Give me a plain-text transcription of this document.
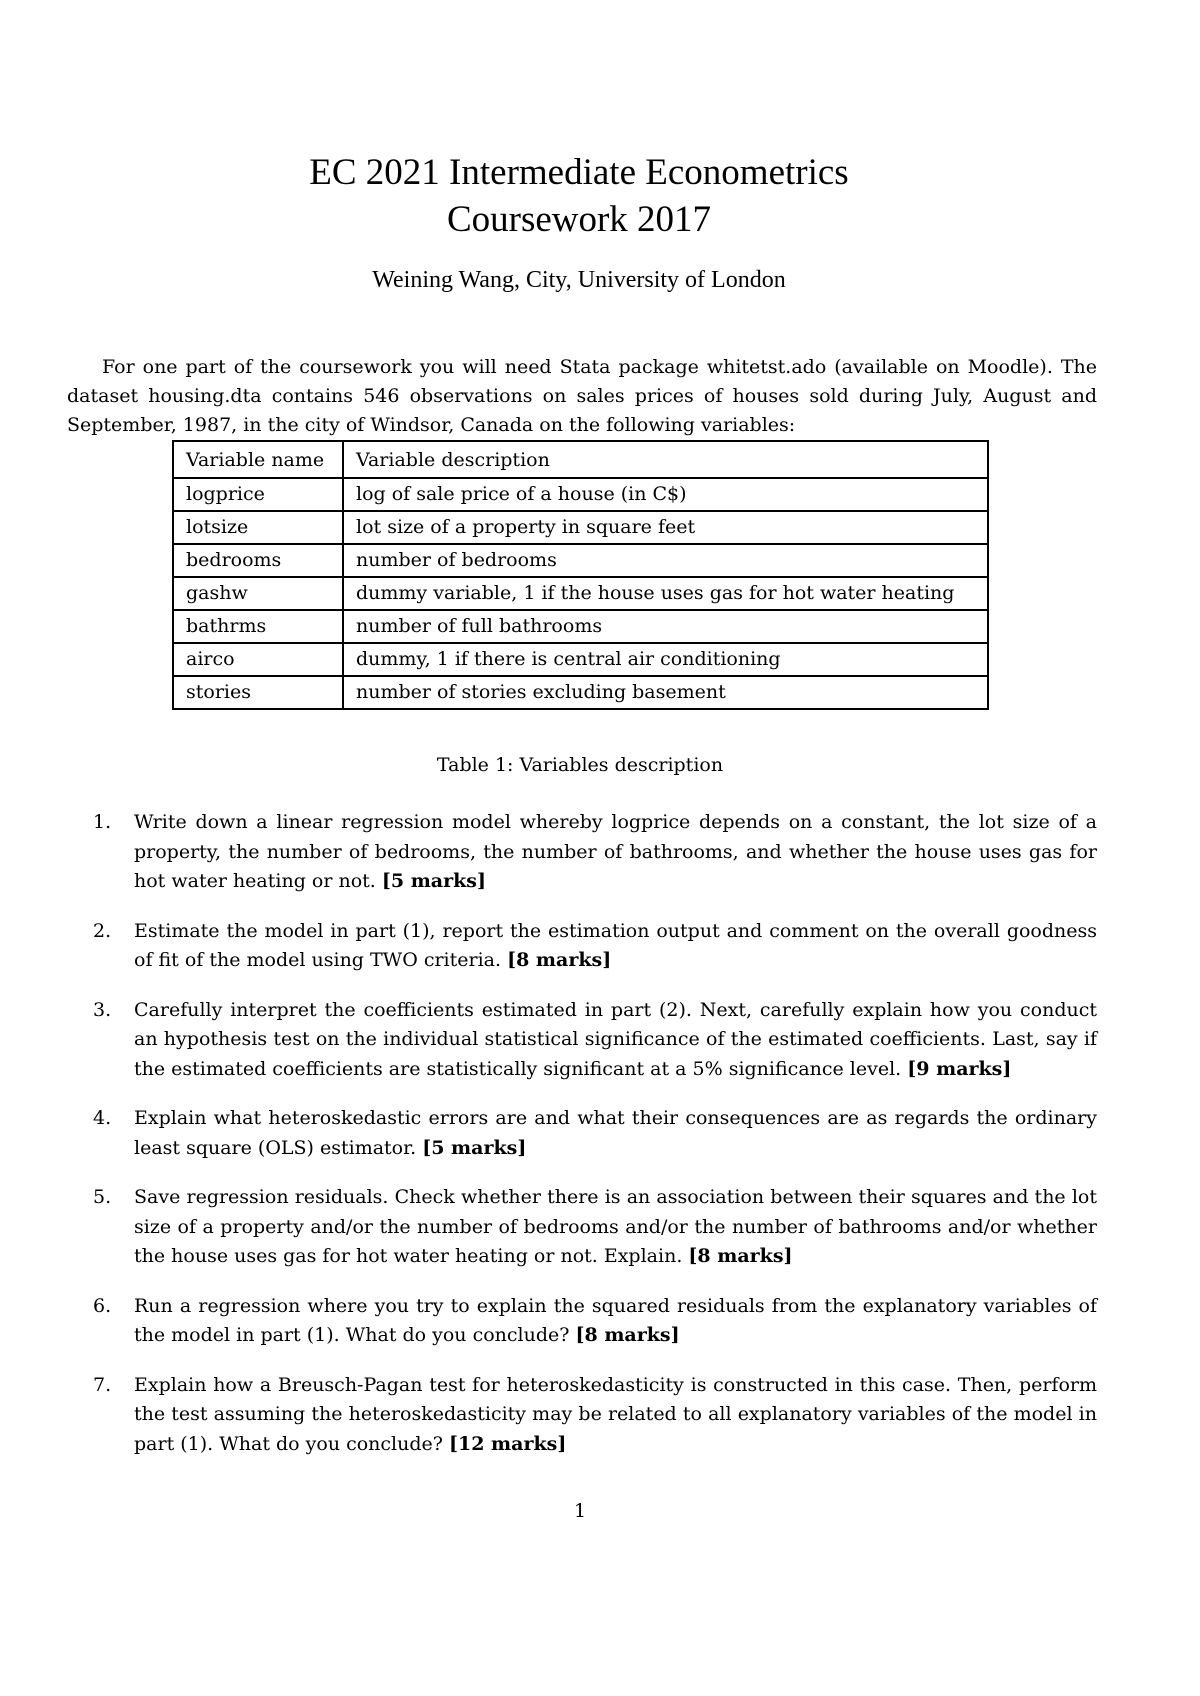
EC 2021 Intermediate Econometrics
Coursework 2017
Weining Wang, City, University of London

For one part of the coursework you will need Stata package whitetst.ado (available on Moodle). The dataset housing.dta contains 546 observations on sales prices of houses sold during July, August and September, 1987, in the city of Windsor, Canada on the following variables:

Variable name	Variable description
logprice	log of sale price of a house (in C$)
lotsize	lot size of a property in square feet
bedrooms	number of bedrooms
gashw	dummy variable, 1 if the house uses gas for hot water heating
bathrms	number of full bathrooms
airco	dummy, 1 if there is central air conditioning
stories	number of stories excluding basement
Table 1: Variables description
1. Write down a linear regression model whereby logprice depends on a constant, the lot size of a property, the number of bedrooms, the number of bathrooms, and whether the house uses gas for hot water heating or not. [5 marks]
2. Estimate the model in part (1), report the estimation output and comment on the overall goodness of fit of the model using TWO criteria. [8 marks]
3. Carefully interpret the coefficients estimated in part (2). Next, carefully explain how you conduct an hypothesis test on the individual statistical significance of the estimated coefficients. Last, say if the estimated coefficients are statistically significant at a 5% significance level. [9 marks]
4. Explain what heteroskedastic errors are and what their consequences are as regards the ordinary least square (OLS) estimator. [5 marks]
5. Save regression residuals. Check whether there is an association between their squares and the lot size of a property and/or the number of bedrooms and/or the number of bathrooms and/or whether the house uses gas for hot water heating or not. Explain. [8 marks]
6. Run a regression where you try to explain the squared residuals from the explanatory variables of the model in part (1). What do you conclude? [8 marks]
7. Explain how a Breusch-Pagan test for heteroskedasticity is constructed in this case. Then, perform the test assuming the heteroskedasticity may be related to all explanatory variables of the model in part (1). What do you conclude? [12 marks]
1
